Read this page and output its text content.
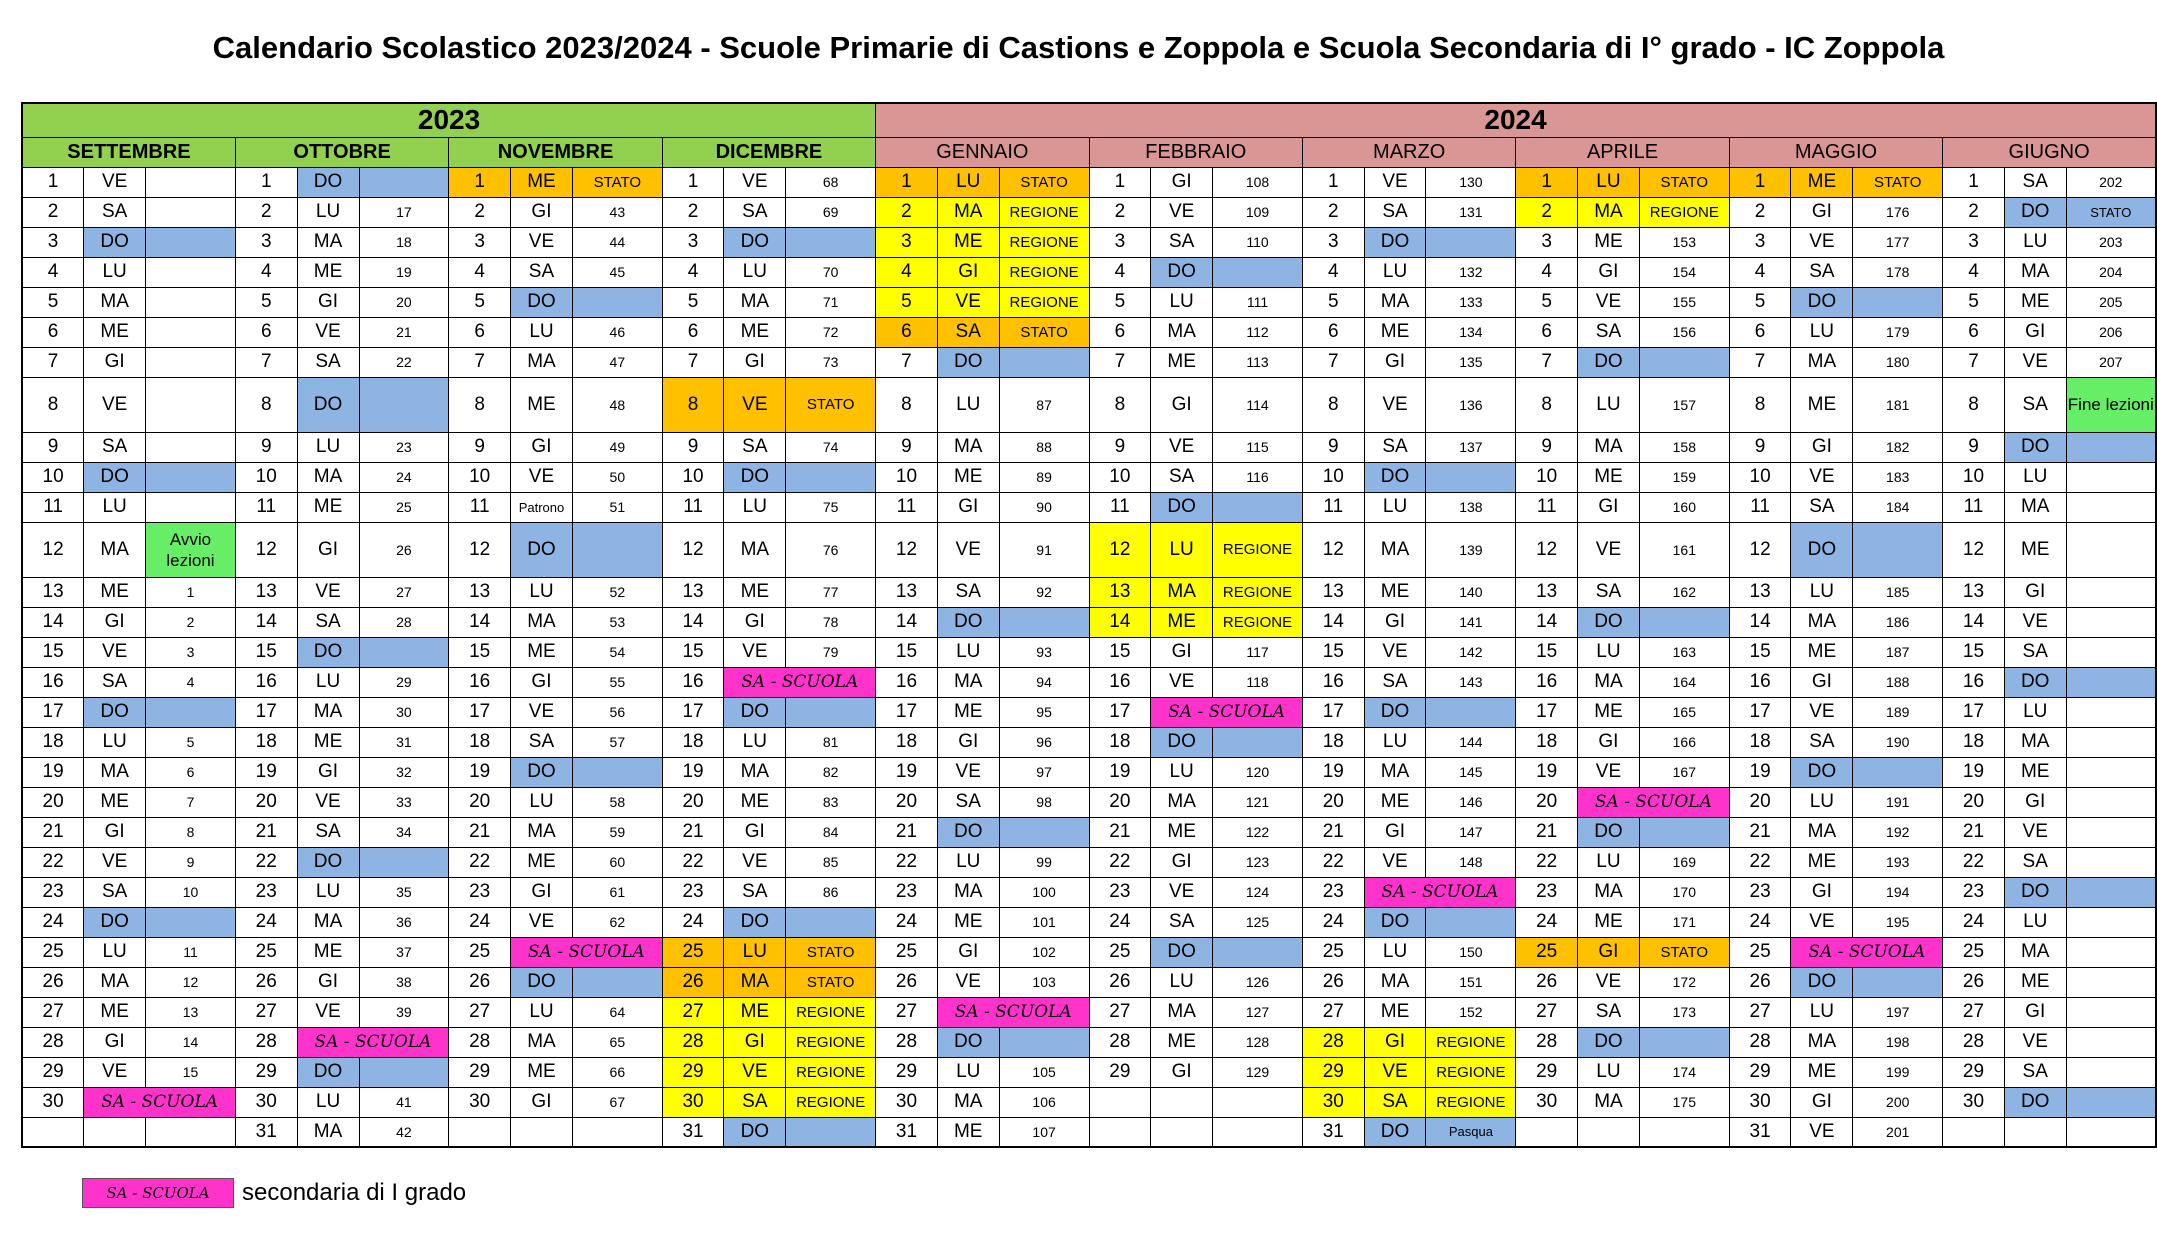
Calendario Scolastico 2023/2024 - Scuole Primarie di Castions e Zoppola e Scuola Secondaria di I° grado - IC Zoppola
2023												2024																	
SETTEMBRE			OTTOBRE			NOVEMBRE			DICEMBRE			GENNAIO			FEBBRAIO			MARZO			APRILE			MAGGIO			GIUGNO		
1	VE		1	DO		1	ME	STATO	1	VE	68	1	LU	STATO	1	GI	108	1	VE	130	1	LU	STATO	1	ME	STATO	1	SA	202
2	SA		2	LU	17	2	GI	43	2	SA	69	2	MA	REGIONE	2	VE	109	2	SA	131	2	MA	REGIONE	2	GI	176	2	DO	STATO
3	DO		3	MA	18	3	VE	44	3	DO		3	ME	REGIONE	3	SA	110	3	DO		3	ME	153	3	VE	177	3	LU	203
4	LU		4	ME	19	4	SA	45	4	LU	70	4	GI	REGIONE	4	DO		4	LU	132	4	GI	154	4	SA	178	4	MA	204
5	MA		5	GI	20	5	DO		5	MA	71	5	VE	REGIONE	5	LU	111	5	MA	133	5	VE	155	5	DO		5	ME	205
6	ME		6	VE	21	6	LU	46	6	ME	72	6	SA	STATO	6	MA	112	6	ME	134	6	SA	156	6	LU	179	6	GI	206
7	GI		7	SA	22	7	MA	47	7	GI	73	7	DO		7	ME	113	7	GI	135	7	DO		7	MA	180	7	VE	207
8	VE		8	DO		8	ME	48	8	VE	STATO	8	LU	87	8	GI	114	8	VE	136	8	LU	157	8	ME	181	8	SA	Fine lezioni
9	SA		9	LU	23	9	GI	49	9	SA	74	9	MA	88	9	VE	115	9	SA	137	9	MA	158	9	GI	182	9	DO	
10	DO		10	MA	24	10	VE	50	10	DO		10	ME	89	10	SA	116	10	DO		10	ME	159	10	VE	183	10	LU	
11	LU		11	ME	25	11	Patrono	51	11	LU	75	11	GI	90	11	DO		11	LU	138	11	GI	160	11	SA	184	11	MA	
12	MA	Avvio lezioni	12	GI	26	12	DO		12	MA	76	12	VE	91	12	LU	REGIONE	12	MA	139	12	VE	161	12	DO		12	ME	
13	ME	1	13	VE	27	13	LU	52	13	ME	77	13	SA	92	13	MA	REGIONE	13	ME	140	13	SA	162	13	LU	185	13	GI	
14	GI	2	14	SA	28	14	MA	53	14	GI	78	14	DO		14	ME	REGIONE	14	GI	141	14	DO		14	MA	186	14	VE	
15	VE	3	15	DO		15	ME	54	15	VE	79	15	LU	93	15	GI	117	15	VE	142	15	LU	163	15	ME	187	15	SA	
16	SA	4	16	LU	29	16	GI	55	16	SA - SCUOLA		16	MA	94	16	VE	118	16	SA	143	16	MA	164	16	GI	188	16	DO	
17	DO		17	MA	30	17	VE	56	17	DO		17	ME	95	17	SA - SCUOLA		17	DO		17	ME	165	17	VE	189	17	LU	
18	LU	5	18	ME	31	18	SA	57	18	LU	81	18	GI	96	18	DO		18	LU	144	18	GI	166	18	SA	190	18	MA	
19	MA	6	19	GI	32	19	DO		19	MA	82	19	VE	97	19	LU	120	19	MA	145	19	VE	167	19	DO		19	ME	
20	ME	7	20	VE	33	20	LU	58	20	ME	83	20	SA	98	20	MA	121	20	ME	146	20	SA - SCUOLA		20	LU	191	20	GI	
21	GI	8	21	SA	34	21	MA	59	21	GI	84	21	DO		21	ME	122	21	GI	147	21	DO		21	MA	192	21	VE	
22	VE	9	22	DO		22	ME	60	22	VE	85	22	LU	99	22	GI	123	22	VE	148	22	LU	169	22	ME	193	22	SA	
23	SA	10	23	LU	35	23	GI	61	23	SA	86	23	MA	100	23	VE	124	23	SA - SCUOLA		23	MA	170	23	GI	194	23	DO	
24	DO		24	MA	36	24	VE	62	24	DO		24	ME	101	24	SA	125	24	DO		24	ME	171	24	VE	195	24	LU	
25	LU	11	25	ME	37	25	SA - SCUOLA		25	LU	STATO	25	GI	102	25	DO		25	LU	150	25	GI	STATO	25	SA - SCUOLA		25	MA	
26	MA	12	26	GI	38	26	DO		26	MA	STATO	26	VE	103	26	LU	126	26	MA	151	26	VE	172	26	DO		26	ME	
27	ME	13	27	VE	39	27	LU	64	27	ME	REGIONE	27	SA - SCUOLA		27	MA	127	27	ME	152	27	SA	173	27	LU	197	27	GI	
28	GI	14	28	SA - SCUOLA		28	MA	65	28	GI	REGIONE	28	DO		28	ME	128	28	GI	REGIONE	28	DO		28	MA	198	28	VE	
29	VE	15	29	DO		29	ME	66	29	VE	REGIONE	29	LU	105	29	GI	129	29	VE	REGIONE	29	LU	174	29	ME	199	29	SA	
30	SA - SCUOLA		30	LU	41	30	GI	67	30	SA	REGIONE	30	MA	106				30	SA	REGIONE	30	MA	175	30	GI	200	30	DO	
			31	MA	42				31	DO		31	ME	107				31	DO	Pasqua				31	VE	201			
SA - SCUOLA	secondaria di I grado
